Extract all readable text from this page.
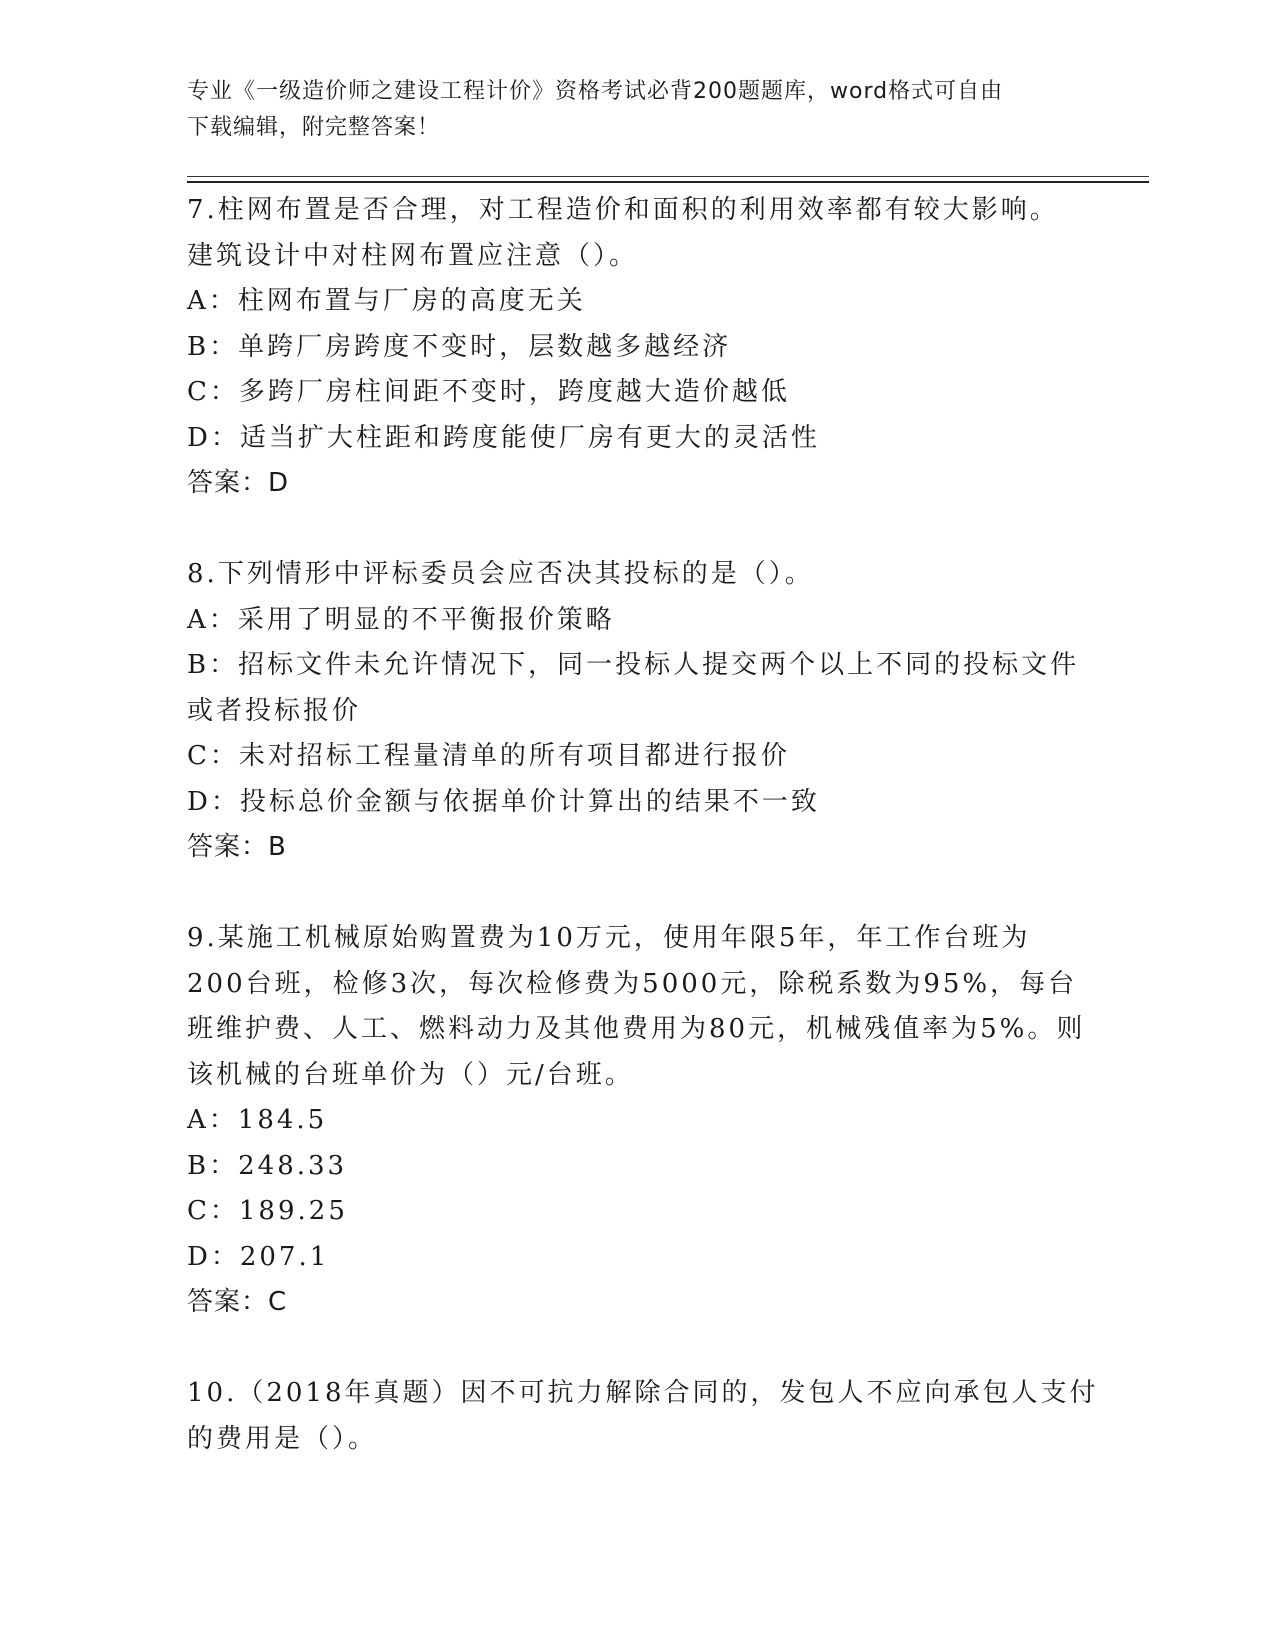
专业《一级造价师之建设工程计价》资格考试必背200题题库，word格式可自由
下载编辑，附完整答案！
7.柱网布置是否合理，对工程造价和面积的利用效率都有较大影响。
建筑设计中对柱网布置应注意（）。
A：柱网布置与厂房的高度无关
B：单跨厂房跨度不变时，层数越多越经济
C：多跨厂房柱间距不变时，跨度越大造价越低
D：适当扩大柱距和跨度能使厂房有更大的灵活性
答案：D
8.下列情形中评标委员会应否决其投标的是（）。
A：采用了明显的不平衡报价策略
B：招标文件未允许情况下，同一投标人提交两个以上不同的投标文件
或者投标报价
C：未对招标工程量清单的所有项目都进行报价
D：投标总价金额与依据单价计算出的结果不一致
答案：B
9.某施工机械原始购置费为10万元，使用年限5年，年工作台班为
200台班，检修3次，每次检修费为5000元，除税系数为95%，每台
班维护费、人工、燃料动力及其他费用为80元，机械残值率为5%。则
该机械的台班单价为（）元/台班。
A：184.5
B：248.33
C：189.25
D：207.1
答案：C
10.（2018年真题）因不可抗力解除合同的，发包人不应向承包人支付
的费用是（）。
